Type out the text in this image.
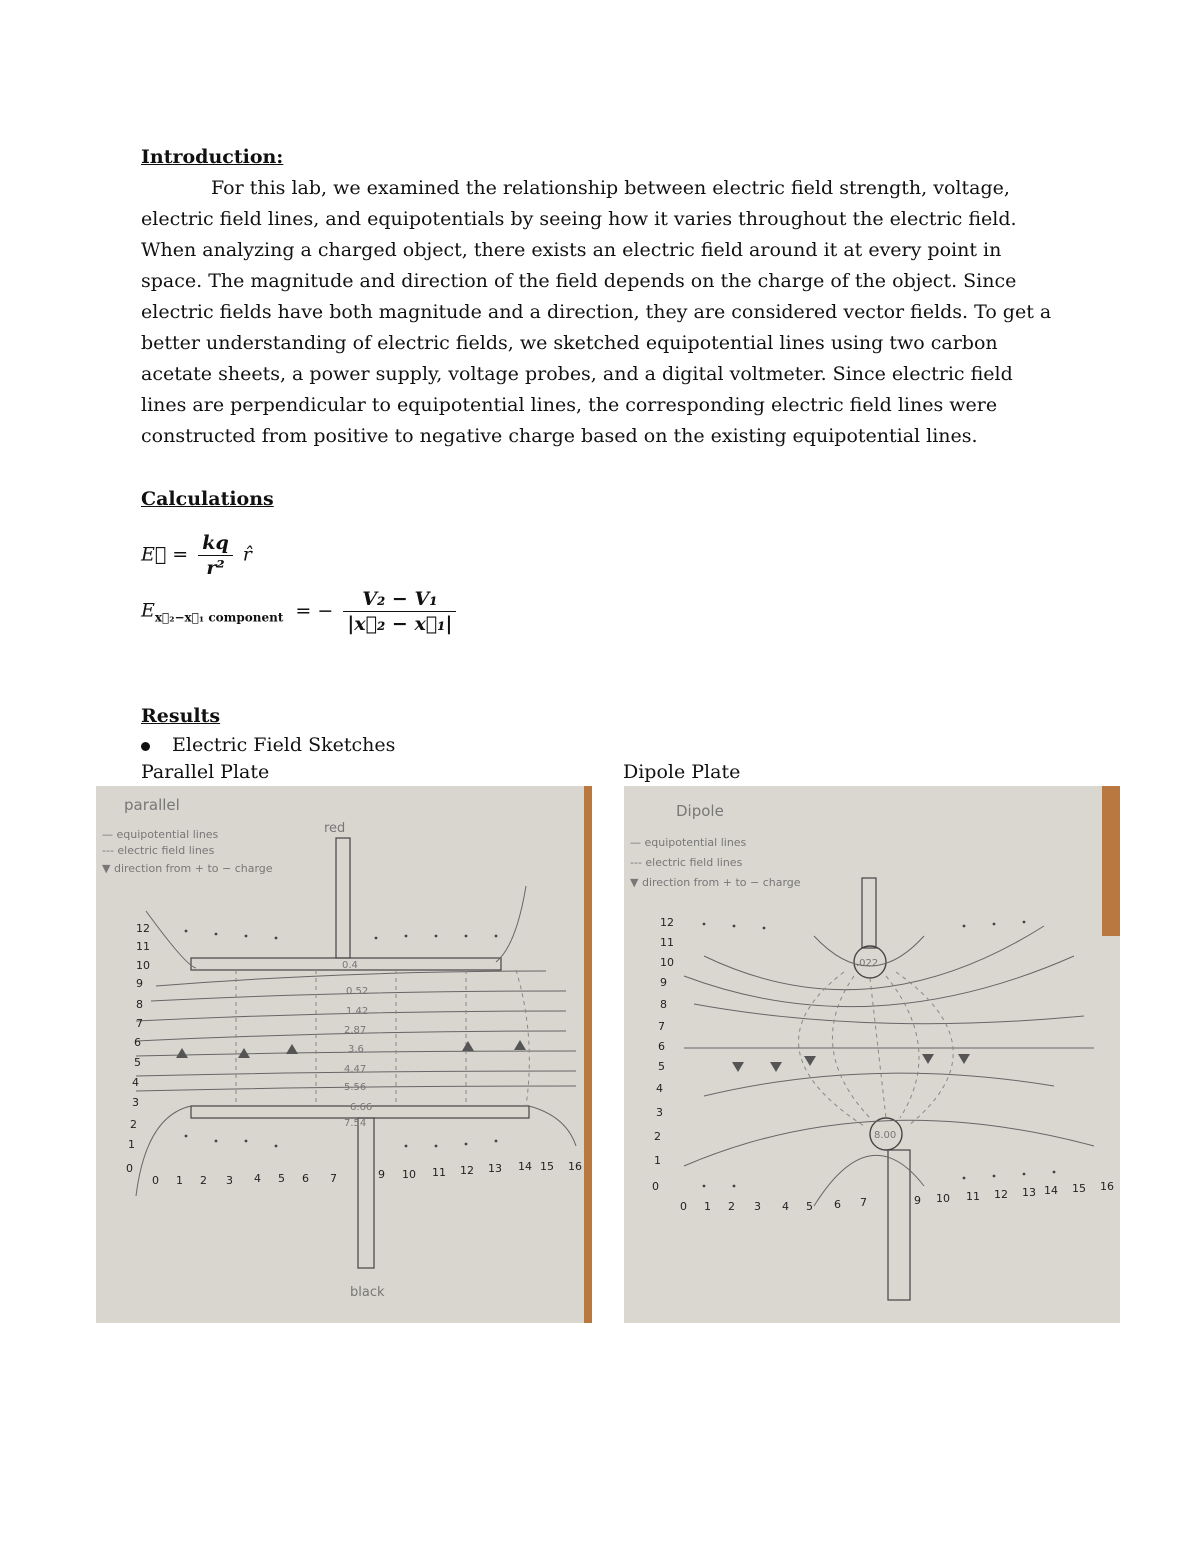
Introduction:

For this lab, we examined the relationship between electric field strength, voltage, electric field lines, and equipotentials by seeing how it varies throughout the electric field. When analyzing a charged object, there exists an electric field around it at every point in space. The magnitude and direction of the field depends on the charge of the object. Since electric fields have both magnitude and a direction, they are considered vector fields. To get a better understanding of electric fields, we sketched equipotential lines using two carbon acetate sheets, a power supply, voltage probes, and a digital voltmeter. Since electric field lines are perpendicular to equipotential lines, the corresponding electric field lines were constructed from positive to negative charge based on the existing equipotential lines.

Calculations
E⃗ = $\frac{kq}{\text{r²}}$ r̂
$E_{x⃗_2-x⃗_1 component}$ = − $\frac{\text{V₂ − V₁}}{\text{|x⃗₂ − x⃗₁|}}$
Results
Electric Field Sketches
Parallel Plate	Dipole Plate
parallel
— equipotential lines
--- electric field lines
▼ direction from + to − charge
red
black
12
11
10
9
8
7
6
5
4
3
2
1
0
0 1 2 3 4 5 6 7	9 10 11 12 13 14 15 16
0.4
0.52
1.42
2.87
3.6
4.47
5.56
6.66
7.54
Dipole
— equipotential lines
--- electric field lines
▼ direction from + to − charge
.022
8.00
12
11
10
9
8
7
6
5
4
3
2
1
0
0 1 2 3 4 5 6 7	9 10 11 12 13 14 15 16
